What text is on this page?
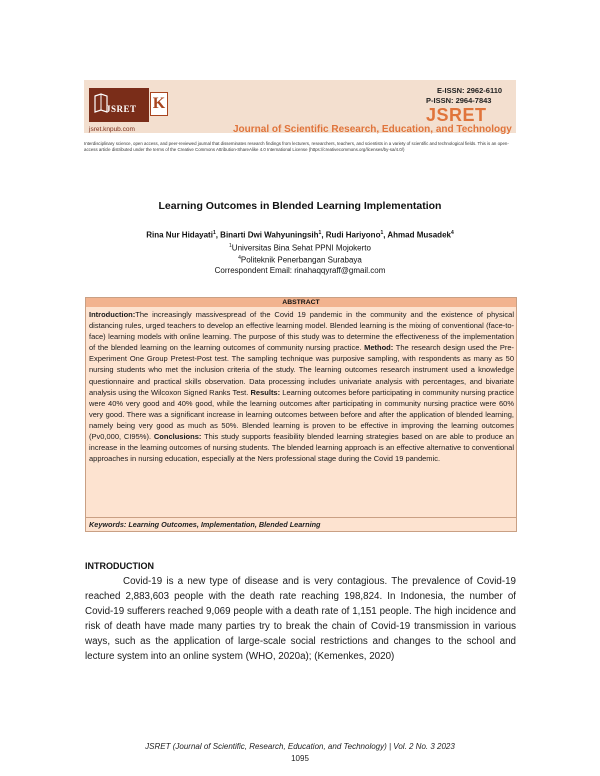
JSRET K
jsret.knpub.com
E-ISSN: 2962-6110
P-ISSN: 2964-7843
JSRET
Journal of Scientific Research, Education, and Technology
Interdisciplinary science, open access, and peer-reviewed journal that disseminates research findings from lecturers, researchers, teachers, and scientists in a variety of scientific and technological fields. This is an open-access article distributed under the terms of the Creative Commons Attribution-ShareAlike 4.0 International License (https://creativecommons.org/licenses/by-sa/4.0/)
Learning Outcomes in Blended Learning Implementation
Rina Nur Hidayati$^1$, Binarti Dwi Wahyuningsih$^1$, Rudi Hariyono$^1$, Ahmad Musadek$^4$
$^1$Universitas Bina Sehat PPNI Mojokerto
$^4$Politeknik Penerbangan Surabaya
Correspondent Email: rinahaqqyraff@gmail.com
ABSTRACT
Introduction:The increasingly massivespread of the Covid 19 pandemic in the community and the existence of physical distancing rules, urged teachers to develop an effective learning model. Blended learning is the mixing of conventional (face-to-face) learning models with online learning. The purpose of this study was to determine the effectiveness of the implementation of the blended learning on the learning outcomes of community nursing practice. Method: The research design used the Pre-Experiment One Group Pretest-Post test. The sampling technique was purposive sampling, with respondents as many as 50 nursing students who met the inclusion criteria of the study. The learning outcomes research instrument used a knowledge questionnaire and practical skills observation. Data processing includes univariate analysis with percentages, and bivariate analysis using the Wilcoxon Signed Ranks Test. Results: Learning outcomes before participating in community nursing practice were 40% very good and 40% good, while the learning outcomes after participating in community nursing practice were 60% very good. There was a significant increase in learning outcomes between before and after the application of blended learning, namely being very good as much as 50%. Blended learning is proven to be effective in improving the learning outcomes (Pv0,000, CI95%). Conclusions: This study supports feasibility blended learning strategies based on are able to produce an increase in the learning outcomes of nursing students. The blended learning approach is an effective alternative to conventional approaches in nursing education, especially at the Ners professional stage during the Covid 19 pandemic.
Keywords: Learning Outcomes, Implementation, Blended Learning
INTRODUCTION
Covid-19 is a new type of disease and is very contagious. The prevalence of Covid-19 reached 2,883,603 people with the death rate reaching 198,824. In Indonesia, the number of Covid-19 sufferers reached 9,069 people with a death rate of 1,151 people. The high incidence and risk of death have made many parties try to break the chain of Covid-19 transmission in various ways, such as the application of large-scale social restrictions and changes to the school and lecture system into an online system (WHO, 2020a); (Kemenkes, 2020)
JSRET (Journal of Scientific, Research, Education, and Technology) | Vol. 2 No. 3 2023
1095
